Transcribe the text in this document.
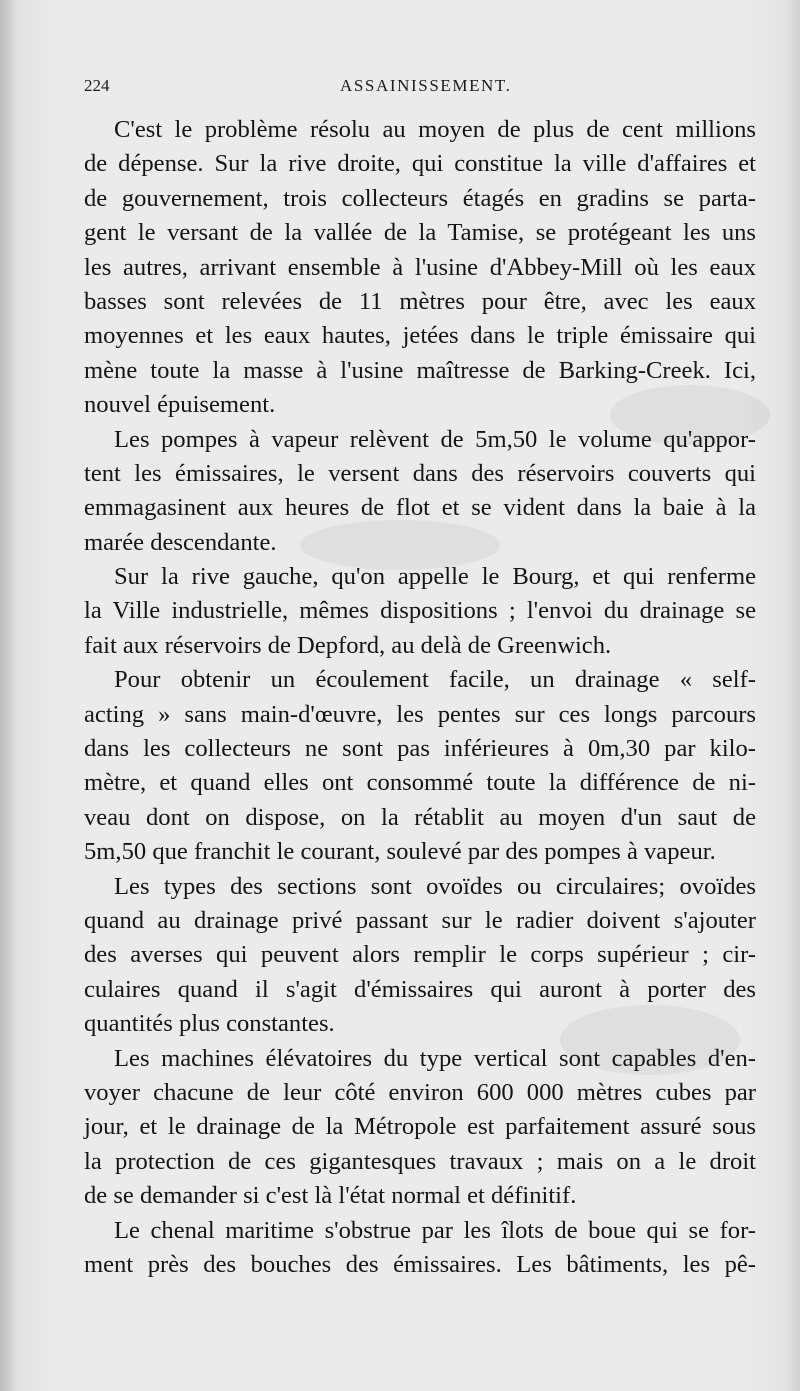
224	ASSAINISSEMENT.
C'est le problème résolu au moyen de plus de cent millions
de dépense. Sur la rive droite, qui constitue la ville d'affaires et
de gouvernement, trois collecteurs étagés en gradins se parta-
gent le versant de la vallée de la Tamise, se protégeant les uns
les autres, arrivant ensemble à l'usine d'Abbey-Mill où les eaux
basses sont relevées de 11 mètres pour être, avec les eaux
moyennes et les eaux hautes, jetées dans le triple émissaire qui
mène toute la masse à l'usine maîtresse de Barking-Creek. Ici,
nouvel épuisement.
Les pompes à vapeur relèvent de 5m,50 le volume qu'appor-
tent les émissaires, le versent dans des réservoirs couverts qui
emmagasinent aux heures de flot et se vident dans la baie à la
marée descendante.
Sur la rive gauche, qu'on appelle le Bourg, et qui renferme
la Ville industrielle, mêmes dispositions ; l'envoi du drainage se
fait aux réservoirs de Depford, au delà de Greenwich.
Pour obtenir un écoulement facile, un drainage « self-
acting » sans main-d'œuvre, les pentes sur ces longs parcours
dans les collecteurs ne sont pas inférieures à 0m,30 par kilo-
mètre, et quand elles ont consommé toute la différence de ni-
veau dont on dispose, on la rétablit au moyen d'un saut de
5m,50 que franchit le courant, soulevé par des pompes à vapeur.
Les types des sections sont ovoïdes ou circulaires; ovoïdes
quand au drainage privé passant sur le radier doivent s'ajouter
des averses qui peuvent alors remplir le corps supérieur ; cir-
culaires quand il s'agit d'émissaires qui auront à porter des
quantités plus constantes.
Les machines élévatoires du type vertical sont capables d'en-
voyer chacune de leur côté environ 600 000 mètres cubes par
jour, et le drainage de la Métropole est parfaitement assuré sous
la protection de ces gigantesques travaux ; mais on a le droit
de se demander si c'est là l'état normal et définitif.
Le chenal maritime s'obstrue par les îlots de boue qui se for-
ment près des bouches des émissaires. Les bâtiments, les pê-
